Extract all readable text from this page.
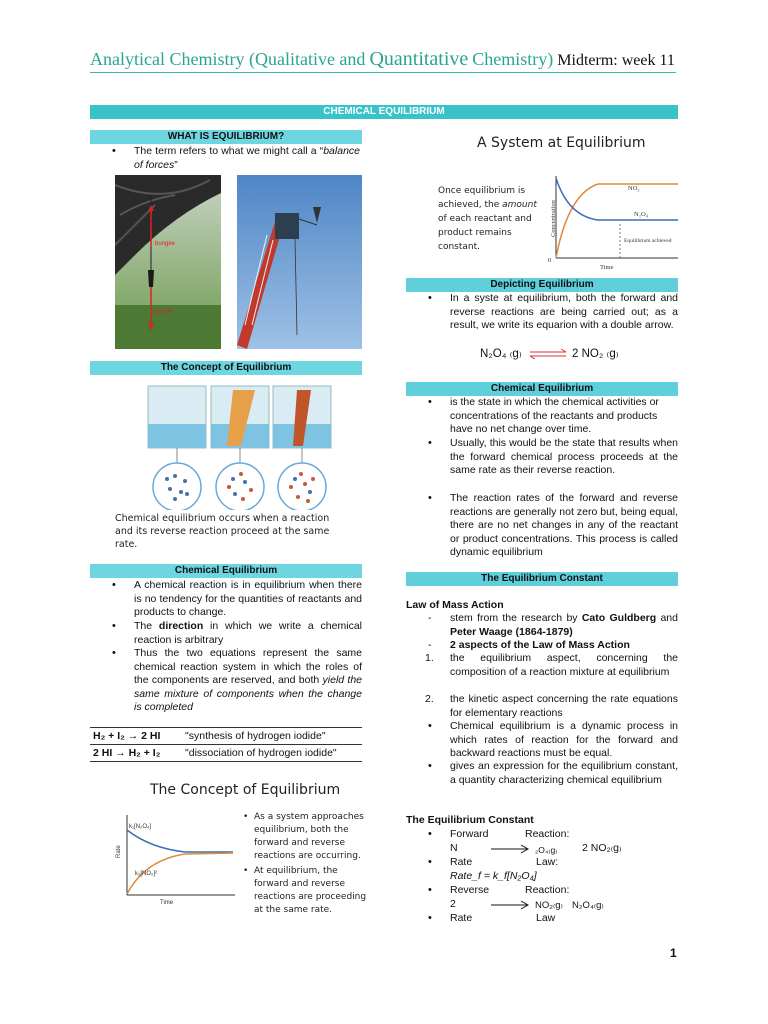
Analytical Chemistry (Qualitative and Quantitative Chemistry) Midterm: week 11
CHEMICAL EQUILIBRIUM
WHAT IS EQUILIBRIUM?
• The term refers to what we might call a “balance of forces”
bungee
gravity
The Concept of Equilibrium
Chemical equilibrium occurs when a reaction and its reverse reaction proceed at the same rate.
Chemical Equilibrium
• A chemical reaction is in equilibrium when there is no tendency for the quantities of reactants and products to change.
• The direction in which we write a chemical reaction is arbitrary
• Thus the two equations represent the same chemical reaction system in which the roles of the components are reserved, and both yield the same mixture of components when the change is completed
H₂ + I₂ → 2 HI	"synthesis of hydrogen iodide"
2 HI → H₂ + I₂	"dissociation of hydrogen iodide"
The Concept of Equilibrium
Rate
Time
k₁[N₂O₄]
k₂[NO₂]²
• As a system approaches equilibrium, both the forward and reverse reactions are occurring.
• At equilibrium, the forward and reverse reactions are proceeding at the same rate.
A System at Equilibrium
Once equilibrium is achieved, the amount of each reactant and product remains constant.
Concentration
Time
0
NO₂
N₂O₄
Equilibrium achieved
Depicting Equilibrium
• In a syste at equilibrium, both the forward and reverse reactions are being carried out; as a result, we write its equarion with a double arrow.
N₂O₄ ₍g₎ ⇌ 2 NO₂ ₍g₎
Chemical Equilibrium
• is the state in which the chemical activities or concentrations of the reactants and products have no net change over time.
• Usually, this would be the state that results when the forward chemical process proceeds at the same rate as their reverse reaction.
• The reaction rates of the forward and reverse reactions are generally not zero but, being equal, there are no net changes in any of the reactant or product concentrations. This process is called dynamic equilibrium
The Equilibrium Constant
Law of Mass Action
- stem from the research by Cato Guldberg and Peter Waage (1864-1879)
- 2 aspects of the Law of Mass Action
1. the equilibrium aspect, concerning the composition of a reaction mixture at equilibrium
2. the kinetic aspect concerning the rate equations for elementary reactions
• Chemical equilibrium is a dynamic process in which rates of reaction for the forward and backward reactions must be equal.
• gives an expression for the equilibrium constant, a quantity characterizing chemical equilibrium
The Equilibrium Constant
Forward	Reaction:
N	₂O₄₍g₎ 2 NO₂₍g₎
Rate	Law:
Rate_f = k_f[N₂O₄]
Reverse	Reaction:
2	NO₂₍g₎ N₂O₄₍g₎
Rate	Law
1
